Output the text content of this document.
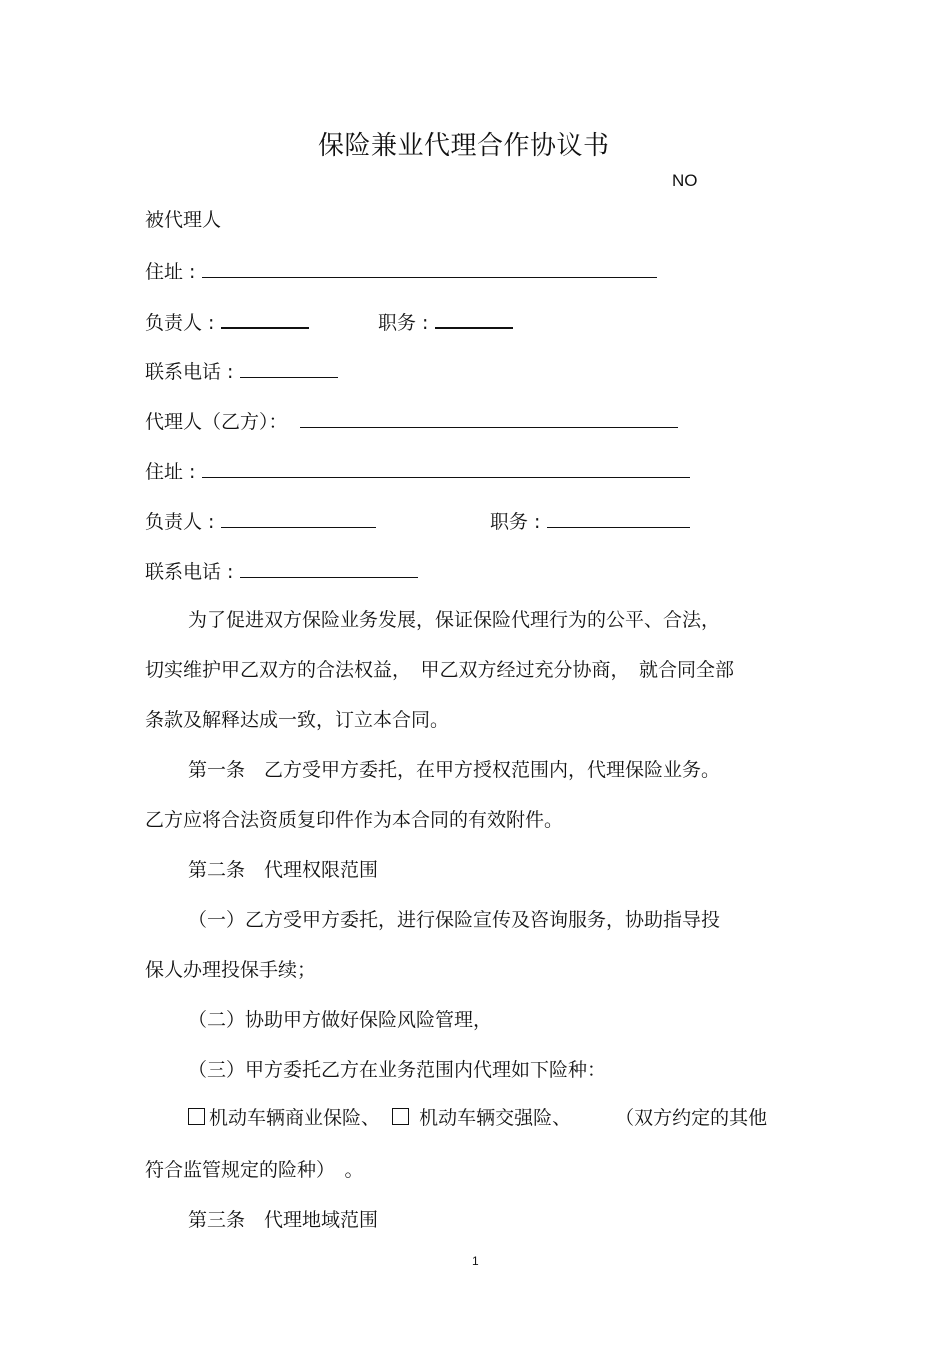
保险兼业代理合作协议书
NO
被代理人
住址 :
负责人 :	职务 :
联系电话 :
代理人（乙方）：
住址 :
负责人 :	职务 :
联系电话 :
为了促进双方保险业务发展，保证保险代理行为的公平、合法，
切实维护甲乙双方的合法权益，　甲乙双方经过充分协商，　就合同全部
条款及解释达成一致，订立本合同。
第一条　乙方受甲方委托，在甲方授权范围内，代理保险业务。
乙方应将合法资质复印件作为本合同的有效附件。
第二条　代理权限范围
（一）乙方受甲方委托，进行保险宣传及咨询服务，协助指导投
保人办理投保手续；
（二）协助甲方做好保险风险管理，
（三）甲方委托乙方在业务范围内代理如下险种：
机动车辆商业保险、 机动车辆交强险、 （双方约定的其他
符合监管规定的险种）　。
第三条　代理地域范围
1
